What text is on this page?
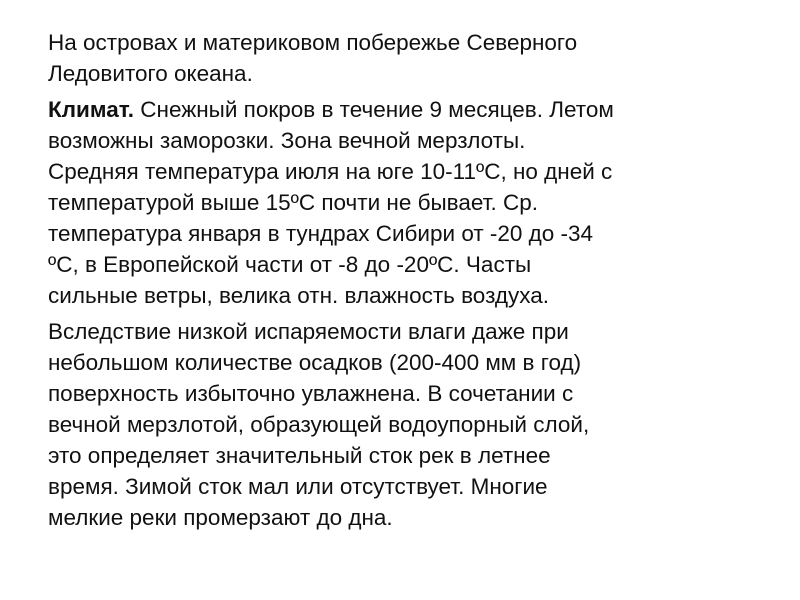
На островах и материковом побережье Северного
Ледовитого океана.

Климат. Снежный покров в течение 9 месяцев. Летом
возможны заморозки. Зона вечной мерзлоты.
Средняя температура июля на юге 10-11ºС, но дней с
температурой выше 15ºС почти не бывает. Ср.
температура января в тундрах Сибири от -20 до -34
ºС, в Европейской части от -8 до -20ºС. Часты
сильные ветры, велика отн. влажность воздуха.

Вследствие низкой испаряемости влаги даже при
небольшом количестве осадков (200-400 мм в год)
поверхность избыточно увлажнена. В сочетании с
вечной мерзлотой, образующей водоупорный слой,
это определяет значительный сток рек в летнее
время. Зимой сток мал или отсутствует. Многие
мелкие реки промерзают до дна.
